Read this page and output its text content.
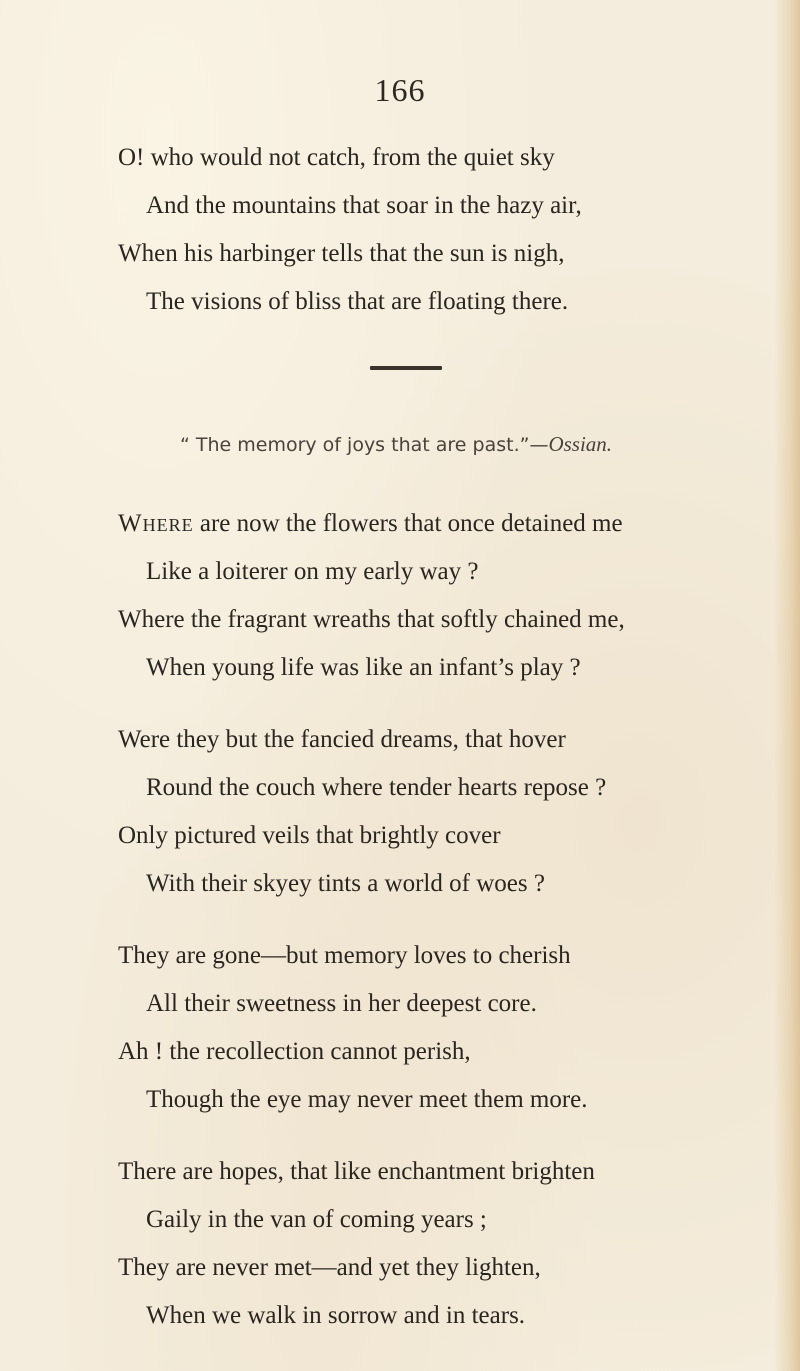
166
O! who would not catch, from the quiet sky
And the mountains that soar in the hazy air,
When his harbinger tells that the sun is nigh,
The visions of bliss that are floating there.
“ The memory of joys that are past.”—Ossian.
Where are now the flowers that once detained me
Like a loiterer on my early way ?
Where the fragrant wreaths that softly chained me,
When young life was like an infant’s play ?
Were they but the fancied dreams, that hover
Round the couch where tender hearts repose ?
Only pictured veils that brightly cover
With their skyey tints a world of woes ?
They are gone—but memory loves to cherish
All their sweetness in her deepest core.
Ah ! the recollection cannot perish,
Though the eye may never meet them more.
There are hopes, that like enchantment brighten
Gaily in the van of coming years ;
They are never met—and yet they lighten,
When we walk in sorrow and in tears.
